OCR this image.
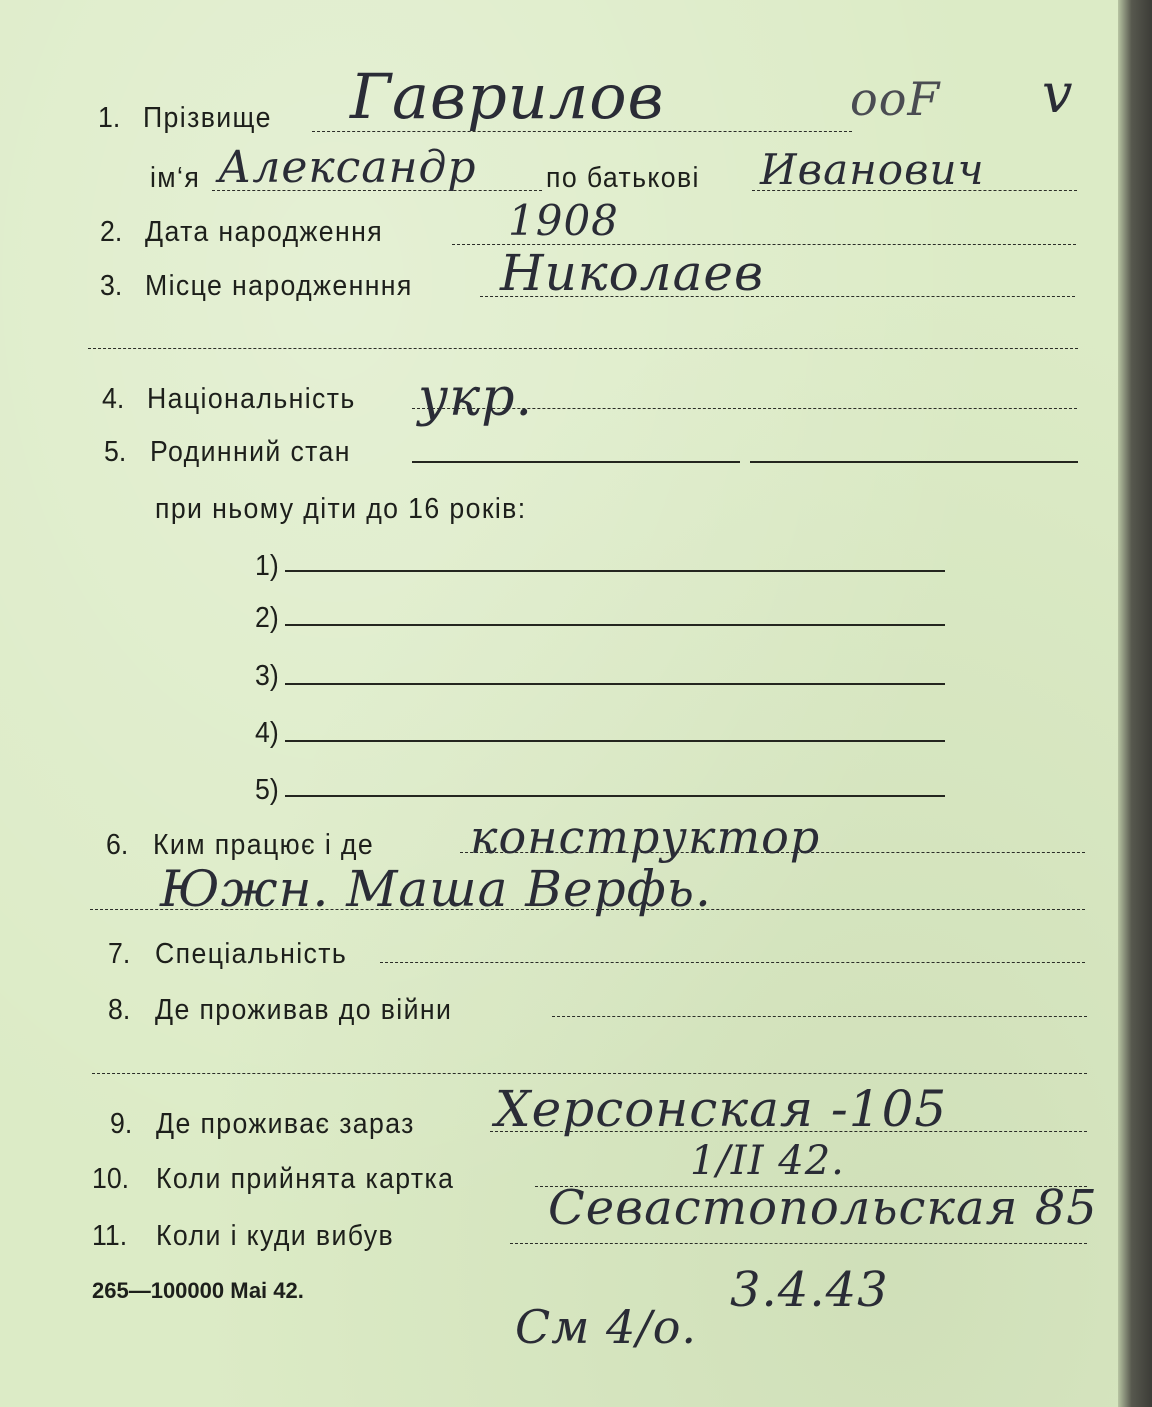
1. Прізвище Гаврилов	ooF v
ім‘я Александр по батькові Иванович
2. Дата народження	1908
3. Місце народженння Николаев
4. Національність укр.
5. Родинний стан
при ньому діти до 16 років:
1)
2)
3)
4)
5)
6. Ким працює і де конструктор
Южн. Маша Верфь.
7. Спеціальність
8. Де проживав до війни
9. Де проживає зараз Херсонская -105
10. Коли прийнята картка	1/II 42.
11. Коли і куди вибув	Севастопольская 85
3.4.43
265—100000 Маі 42.
См 4/о.
